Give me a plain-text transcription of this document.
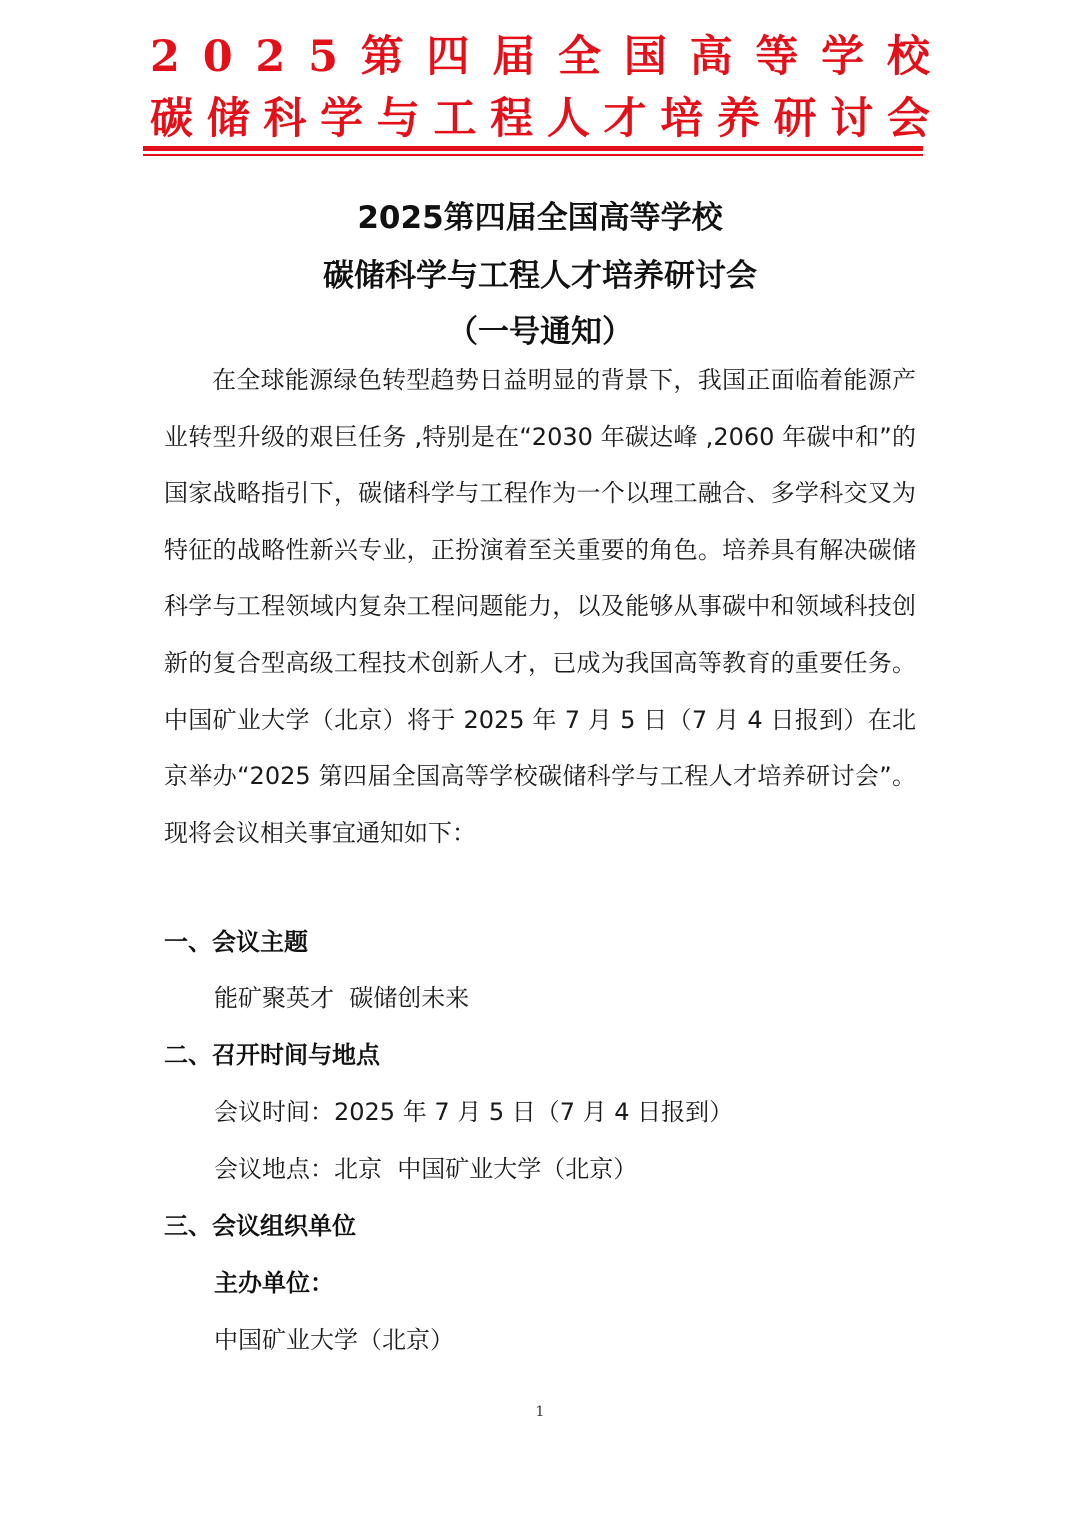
2 0 2 5 第 四 届 全 国 高 等 学 校
碳 储 科 学 与 工 程 人 才 培 养 研 讨 会
2025第四届全国高等学校
碳储科学与工程人才培养研讨会
（一号通知）

在全球能源绿色转型趋势日益明显的背景下，我国正面临着能源产业转型升级的艰巨任务 ,特别是在“2030 年碳达峰 ,2060 年碳中和”的国家战略指引下，碳储科学与工程作为一个以理工融合、多学科交叉为特征的战略性新兴专业，正扮演着至关重要的角色。培养具有解决碳储科学与工程领域内复杂工程问题能力，以及能够从事碳中和领域科技创新的复合型高级工程技术创新人才，已成为我国高等教育的重要任务。中国矿业大学（北京）将于 2025 年 7 月 5 日（7 月 4 日报到）在北京举办“2025 第四届全国高等学校碳储科学与工程人才培养研讨会”。现将会议相关事宜通知如下：

一、会议主题
能矿聚英才  碳储创未来
二、召开时间与地点
会议时间：2025 年 7 月 5 日（7 月 4 日报到）
会议地点：北京  中国矿业大学（北京）
三、会议组织单位
主办单位：
中国矿业大学（北京）
1
